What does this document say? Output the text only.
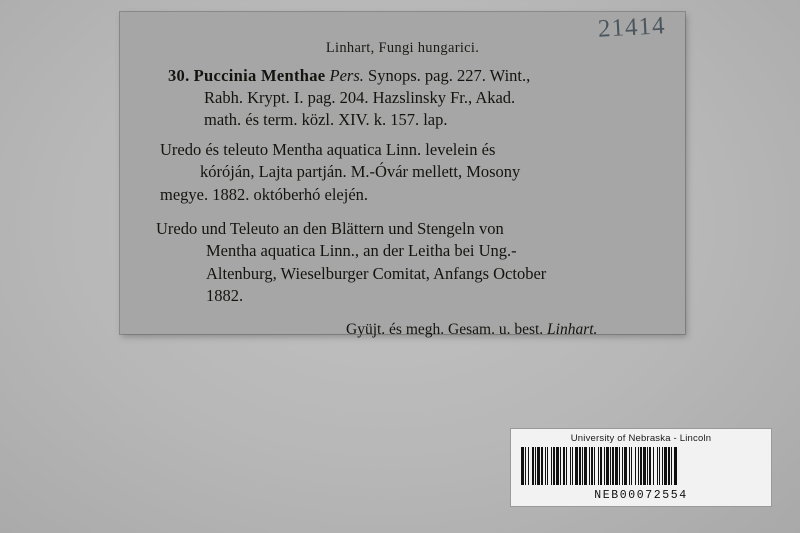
21414
Linhart, Fungi hungarici.

30. Puccinia Menthae Pers. Synops. pag. 227. Wint.,

Rabh. Krypt. I. pag. 204. Hazslinsky Fr., Akad.

math. és term. közl. XIV. k. 157. lap.

Uredo és teleuto Mentha aquatica Linn. levelein és

kóróján, Lajta partján. M.-Óvár mellett, Mosony

megye. 1882. októberhó elején.

Uredo und Teleuto an den Blättern und Stengeln von

Mentha aquatica Linn., an der Leitha bei Ung.-

Altenburg, Wieselburger Comitat, Anfangs October

1882.

Gyüjt. és megh. Gesam. u. best. Linhart.
University of Nebraska - Lincoln
NEB00072554
